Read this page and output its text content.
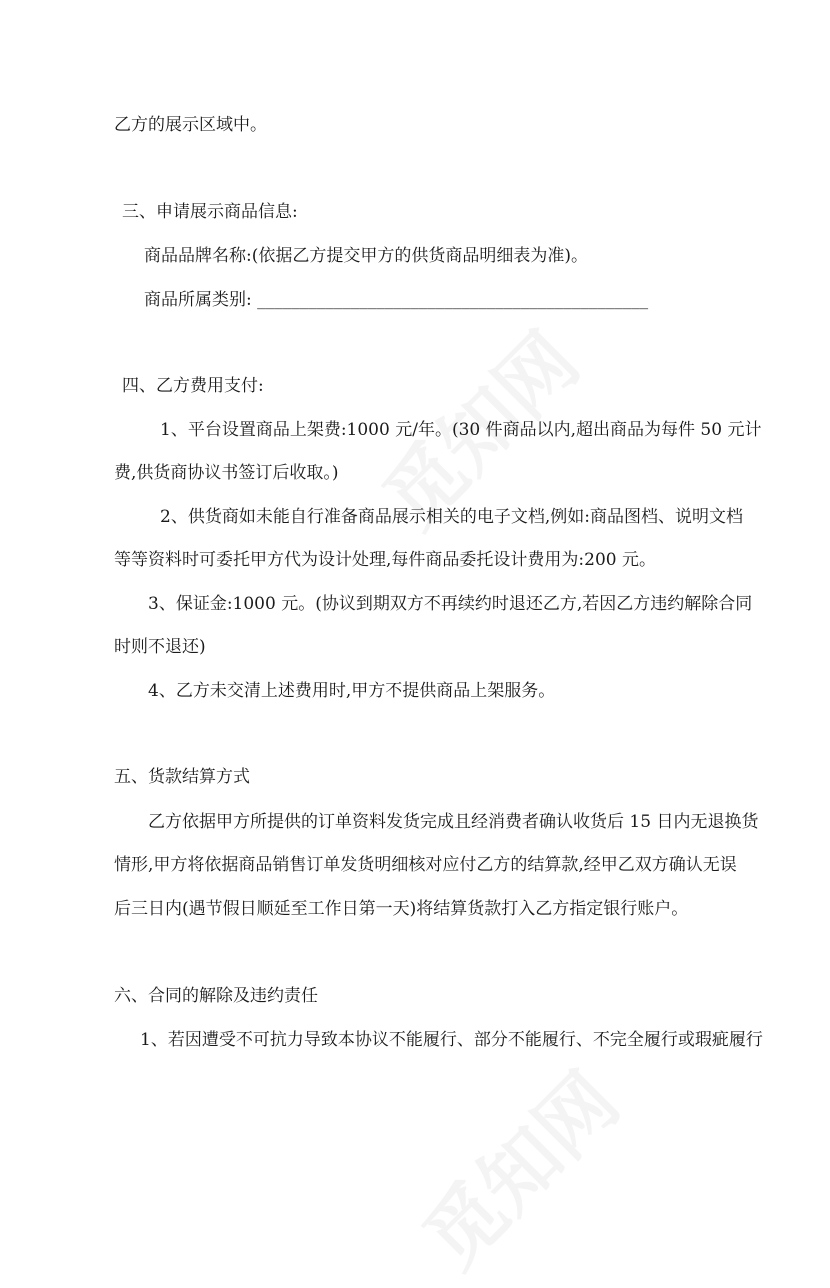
乙方的展示区域中。
三、申请展示商品信息:
商品品牌名称:(依据乙方提交甲方的供货商品明细表为准)。
商品所属类别: ______________________________________________
四、乙方费用支付:
1、平台设置商品上架费:1000 元/年。(30 件商品以内,超出商品为每件 50 元计
费,供货商协议书签订后收取。)
2、供货商如未能自行准备商品展示相关的电子文档,例如:商品图档、说明文档
等等资料时可委托甲方代为设计处理,每件商品委托设计费用为:200 元。
3、保证金:1000 元。(协议到期双方不再续约时退还乙方,若因乙方违约解除合同
时则不退还)
4、乙方未交清上述费用时,甲方不提供商品上架服务。
五、货款结算方式
乙方依据甲方所提供的订单资料发货完成且经消费者确认收货后 15 日内无退换货
情形,甲方将依据商品销售订单发货明细核对应付乙方的结算款,经甲乙双方确认无误
后三日内(遇节假日顺延至工作日第一天)将结算货款打入乙方指定银行账户。
六、合同的解除及违约责任
1、若因遭受不可抗力导致本协议不能履行、部分不能履行、不完全履行或瑕疵履行
